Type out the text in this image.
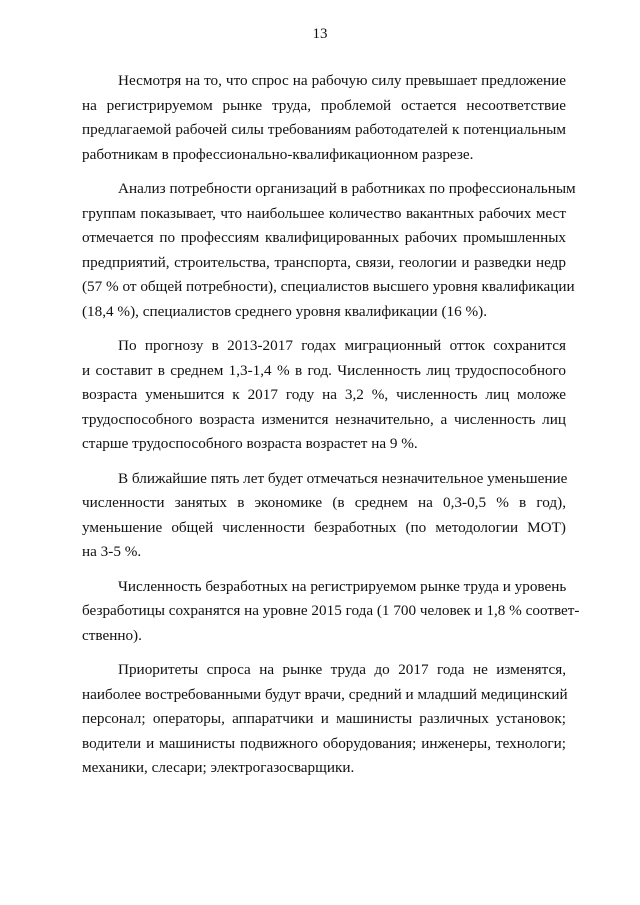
13

Несмотря на то, что спрос на рабочую силу превышает предложение
на регистрируемом рынке труда, проблемой остается несоответствие
предлагаемой рабочей силы требованиям работодателей к потенциальным
работникам в профессионально-квалификационном разрезе.

Анализ потребности организаций в работниках по профессиональным
группам показывает, что наибольшее количество вакантных рабочих мест
отмечается по профессиям квалифицированных рабочих промышленных
предприятий, строительства, транспорта, связи, геологии и разведки недр
(57 % от общей потребности), специалистов высшего уровня квалификации
(18,4 %), специалистов среднего уровня квалификации (16 %).

По прогнозу в 2013-2017 годах миграционный отток сохранится
и составит в среднем 1,3-1,4 % в год. Численность лиц трудоспособного
возраста уменьшится к 2017 году на 3,2 %, численность лиц моложе
трудоспособного возраста изменится незначительно, а численность лиц
старше трудоспособного возраста возрастет на 9 %.

В ближайшие пять лет будет отмечаться незначительное уменьшение
численности занятых в экономике (в среднем на 0,3-0,5 % в год),
уменьшение общей численности безработных (по методологии МОТ)
на 3-5 %.

Численность безработных на регистрируемом рынке труда и уровень
безработицы сохранятся на уровне 2015 года (1 700 человек и 1,8 % соответ-
ственно).

Приоритеты спроса на рынке труда до 2017 года не изменятся,
наиболее востребованными будут врачи, средний и младший медицинский
персонал; операторы, аппаратчики и машинисты различных установок;
водители и машинисты подвижного оборудования; инженеры, технологи;
механики, слесари; электрогазосварщики.
